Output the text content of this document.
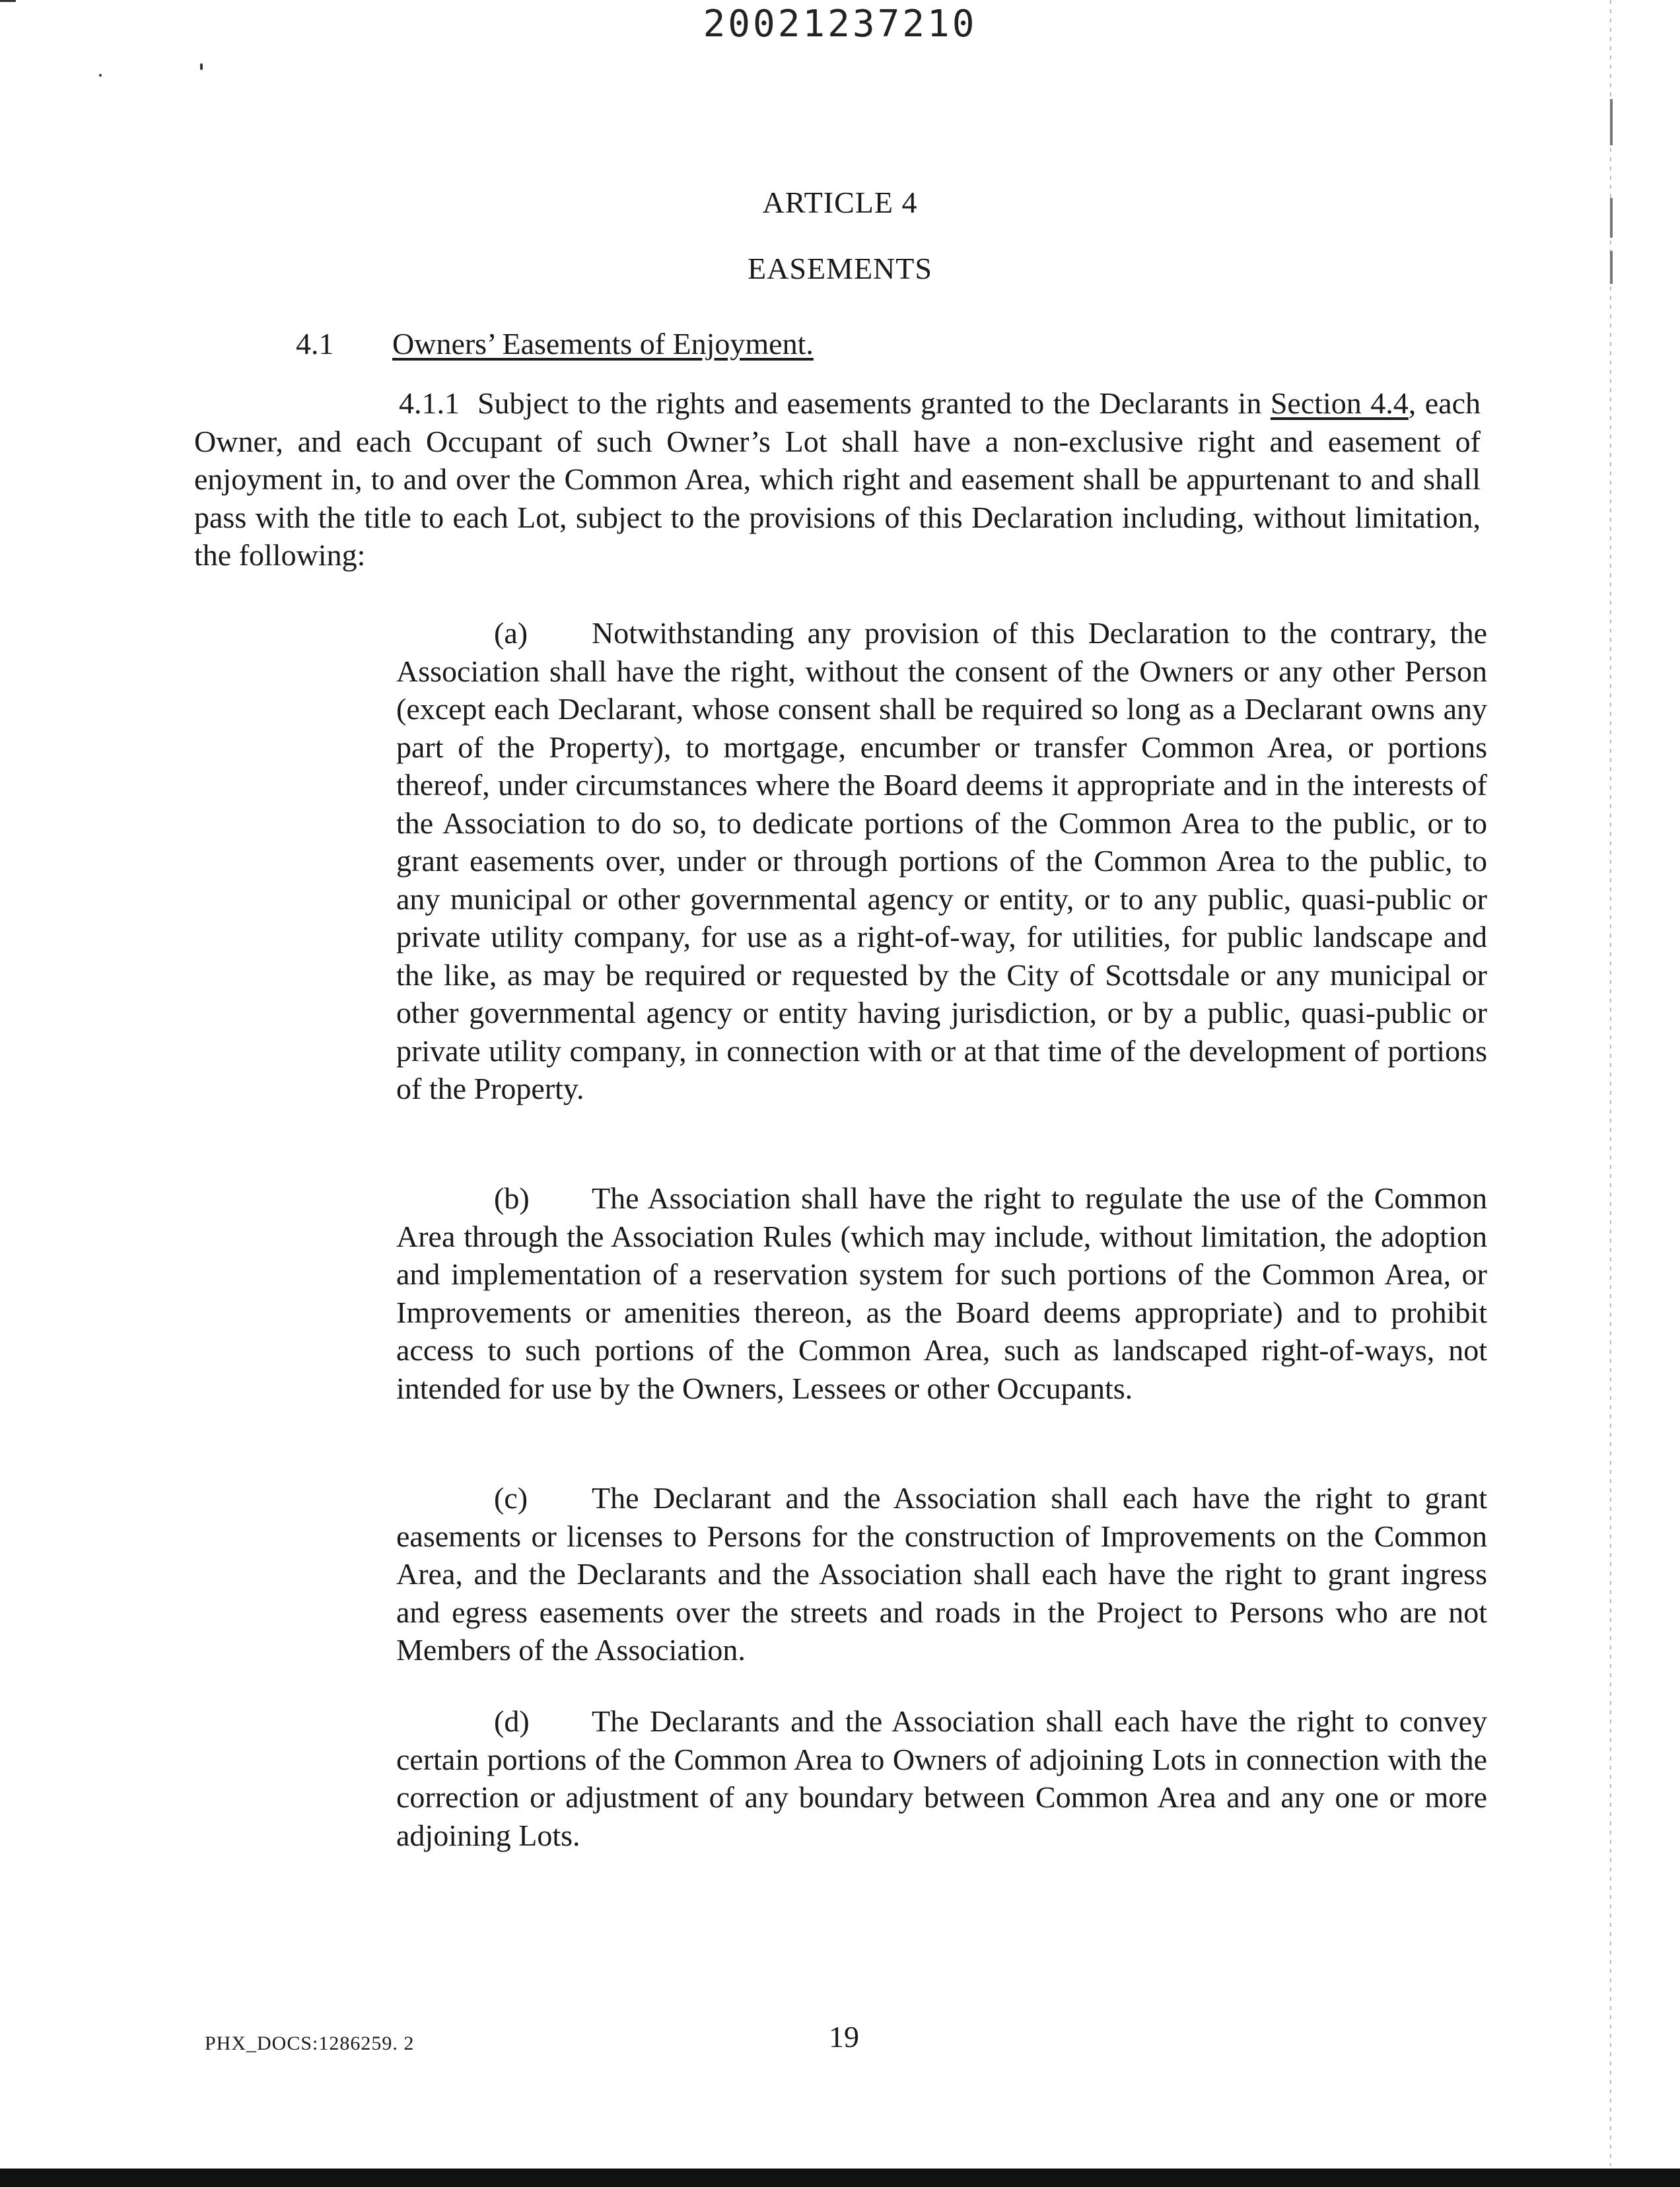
20021237210
ARTICLE 4
EASEMENTS
4.1 Owners’ Easements of Enjoyment.

4.1.1 Subject to the rights and easements granted to the Declarants in Section 4.4, each Owner, and each Occupant of such Owner’s Lot shall have a non-exclusive right and easement of enjoyment in, to and over the Common Area, which right and easement shall be appurtenant to and shall pass with the title to each Lot, subject to the provisions of this Declaration including, without limitation, the following:

(a) Notwithstanding any provision of this Declaration to the contrary, the Association shall have the right, without the consent of the Owners or any other Person (except each Declarant, whose consent shall be required so long as a Declarant owns any part of the Property), to mortgage, encumber or transfer Common Area, or portions thereof, under circumstances where the Board deems it appropriate and in the interests of the Association to do so, to dedicate portions of the Common Area to the public, or to grant easements over, under or through portions of the Common Area to the public, to any municipal or other governmental agency or entity, or to any public, quasi-public or private utility company, for use as a right-of-way, for utilities, for public landscape and the like, as may be required or requested by the City of Scottsdale or any municipal or other governmental agency or entity having jurisdiction, or by a public, quasi-public or private utility company, in connection with or at that time of the development of portions of the Property.

(b) The Association shall have the right to regulate the use of the Common Area through the Association Rules (which may include, without limitation, the adoption and implementation of a reservation system for such portions of the Common Area, or Improvements or amenities thereon, as the Board deems appropriate) and to prohibit access to such portions of the Common Area, such as landscaped right-of-ways, not intended for use by the Owners, Lessees or other Occupants.

(c) The Declarant and the Association shall each have the right to grant easements or licenses to Persons for the construction of Improvements on the Common Area, and the Declarants and the Association shall each have the right to grant ingress and egress easements over the streets and roads in the Project to Persons who are not Members of the Association.

(d) The Declarants and the Association shall each have the right to convey certain portions of the Common Area to Owners of adjoining Lots in connection with the correction or adjustment of any boundary between Common Area and any one or more adjoining Lots.

PHX_DOCS:1286259. 2	19
